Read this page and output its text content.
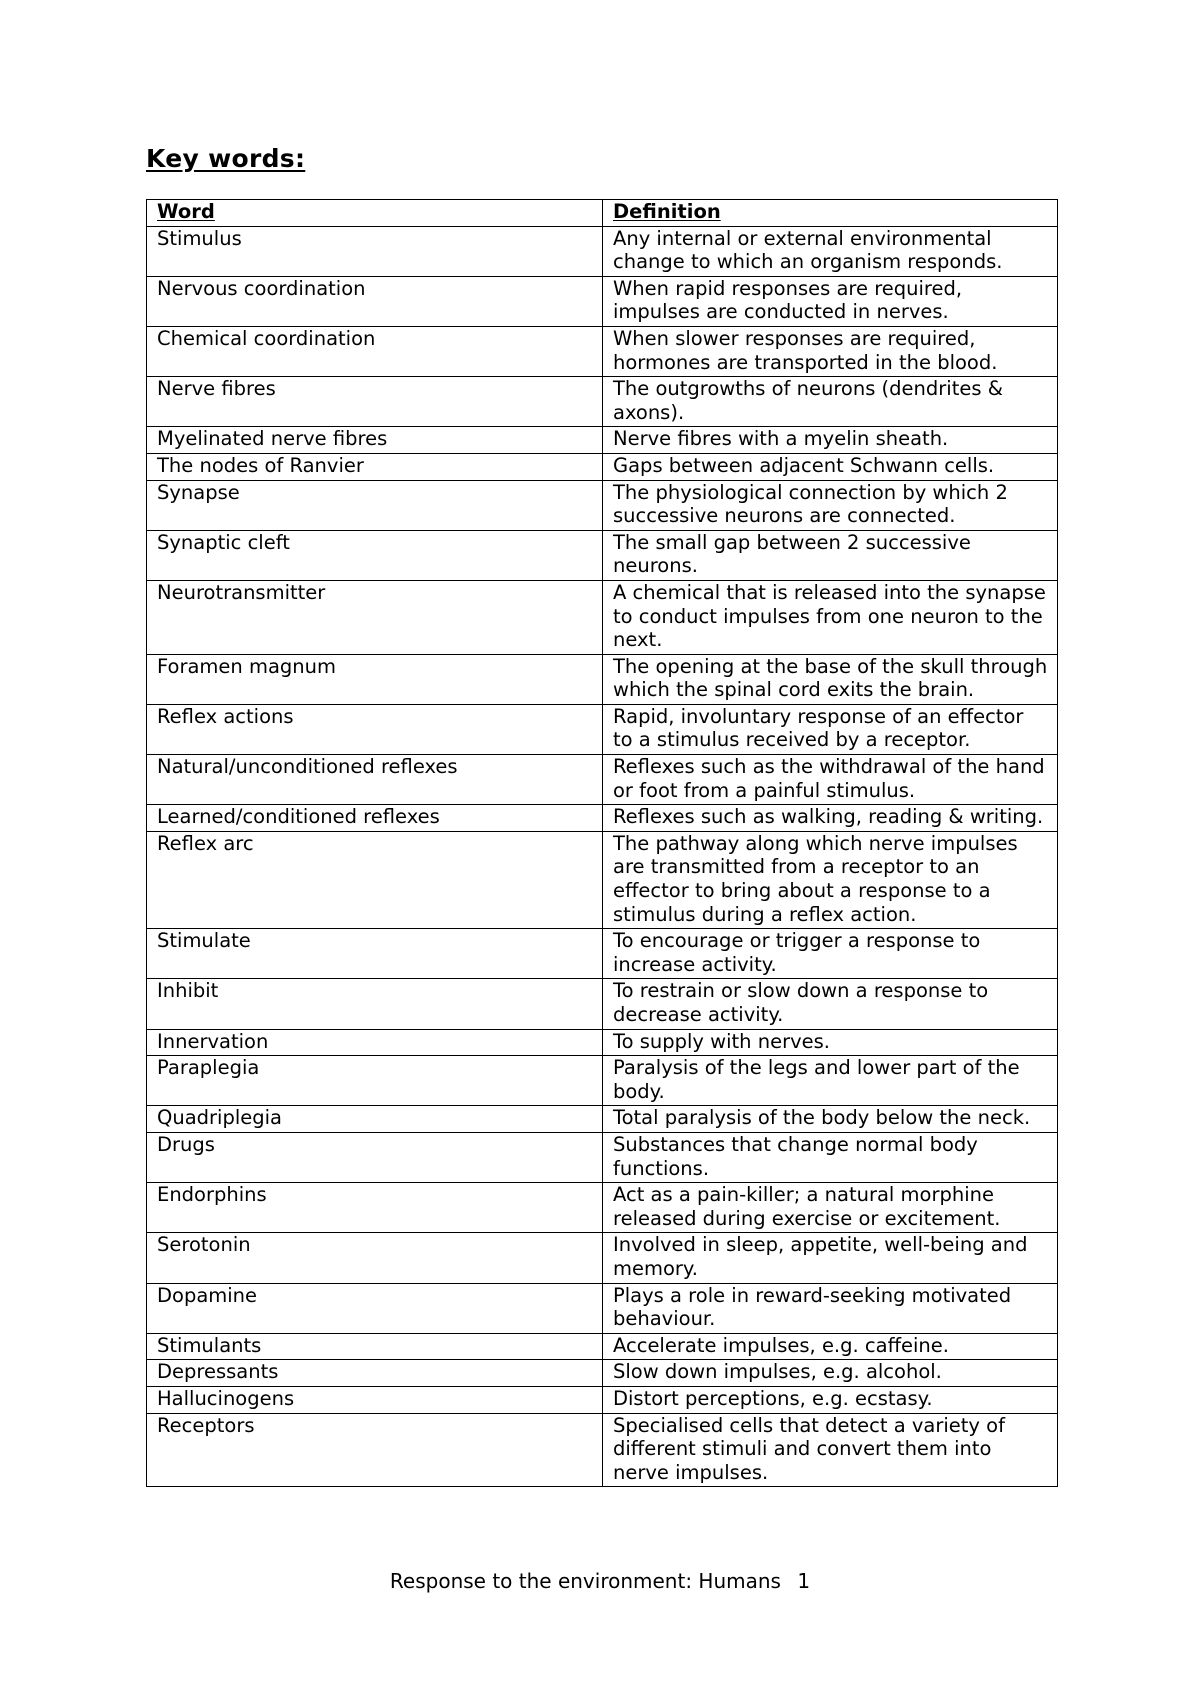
Key words:
Word	Definition
Stimulus	Any internal or external environmental change to which an organism responds.
Nervous coordination	When rapid responses are required, impulses are conducted in nerves.
Chemical coordination	When slower responses are required, hormones are transported in the blood.
Nerve fibres	The outgrowths of neurons (dendrites & axons).
Myelinated nerve fibres	Nerve fibres with a myelin sheath.
The nodes of Ranvier	Gaps between adjacent Schwann cells.
Synapse	The physiological connection by which 2 successive neurons are connected.
Synaptic cleft	The small gap between 2 successive neurons.
Neurotransmitter	A chemical that is released into the synapse to conduct impulses from one neuron to the next.
Foramen magnum	The opening at the base of the skull through which the spinal cord exits the brain.
Reflex actions	Rapid, involuntary response of an effector to a stimulus received by a receptor.
Natural/unconditioned reflexes	Reflexes such as the withdrawal of the hand or foot from a painful stimulus.
Learned/conditioned reflexes	Reflexes such as walking, reading & writing.
Reflex arc	The pathway along which nerve impulses are transmitted from a receptor to an effector to bring about a response to a stimulus during a reflex action.
Stimulate	To encourage or trigger a response to increase activity.
Inhibit	To restrain or slow down a response to decrease activity.
Innervation	To supply with nerves.
Paraplegia	Paralysis of the legs and lower part of the body.
Quadriplegia	Total paralysis of the body below the neck.
Drugs	Substances that change normal body functions.
Endorphins	Act as a pain-killer; a natural morphine released during exercise or excitement.
Serotonin	Involved in sleep, appetite, well-being and memory.
Dopamine	Plays a role in reward-seeking motivated behaviour.
Stimulants	Accelerate impulses, e.g. caffeine.
Depressants	Slow down impulses, e.g. alcohol.
Hallucinogens	Distort perceptions, e.g. ecstasy.
Receptors	Specialised cells that detect a variety of different stimuli and convert them into nerve impulses.
Response to the environment: Humans 1
